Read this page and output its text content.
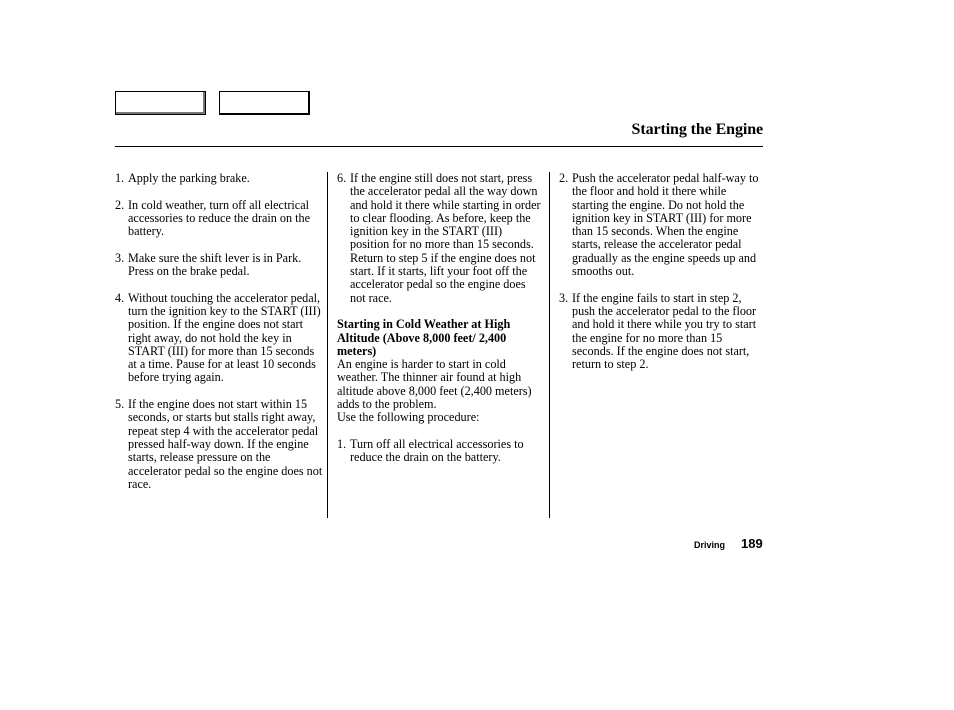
Starting the Engine
1. Apply the parking brake.
2. In cold weather, turn off all electrical accessories to reduce the drain on the battery.
3. Make sure the shift lever is in Park. Press on the brake pedal.
4. Without touching the accelerator pedal, turn the ignition key to the START (III) position. If the engine does not start right away, do not hold the key in START (III) for more than 15 seconds at a time. Pause for at least 10 seconds before trying again.
5. If the engine does not start within 15 seconds, or starts but stalls right away, repeat step 4 with the accelerator pedal pressed half-way down. If the engine starts, release pressure on the accelerator pedal so the engine does not race.
6. If the engine still does not start, press the accelerator pedal all the way down and hold it there while starting in order to clear flooding. As before, keep the ignition key in the START (III) position for no more than 15 seconds. Return to step 5 if the engine does not start. If it starts, lift your foot off the accelerator pedal so the engine does not race.
Starting in Cold Weather at High Altitude (Above 8,000 feet/ 2,400 meters)

An engine is harder to start in cold weather. The thinner air found at high altitude above 8,000 feet (2,400 meters) adds to the problem.

Use the following procedure:

1. Turn off all electrical accessories to reduce the drain on the battery.
2. Push the accelerator pedal half-way to the floor and hold it there while starting the engine. Do not hold the ignition key in START (III) for more than 15 seconds. When the engine starts, release the accelerator pedal gradually as the engine speeds up and smooths out.
3. If the engine fails to start in step 2, push the accelerator pedal to the floor and hold it there while you try to start the engine for no more than 15 seconds. If the engine does not start, return to step 2.
Driving 189
